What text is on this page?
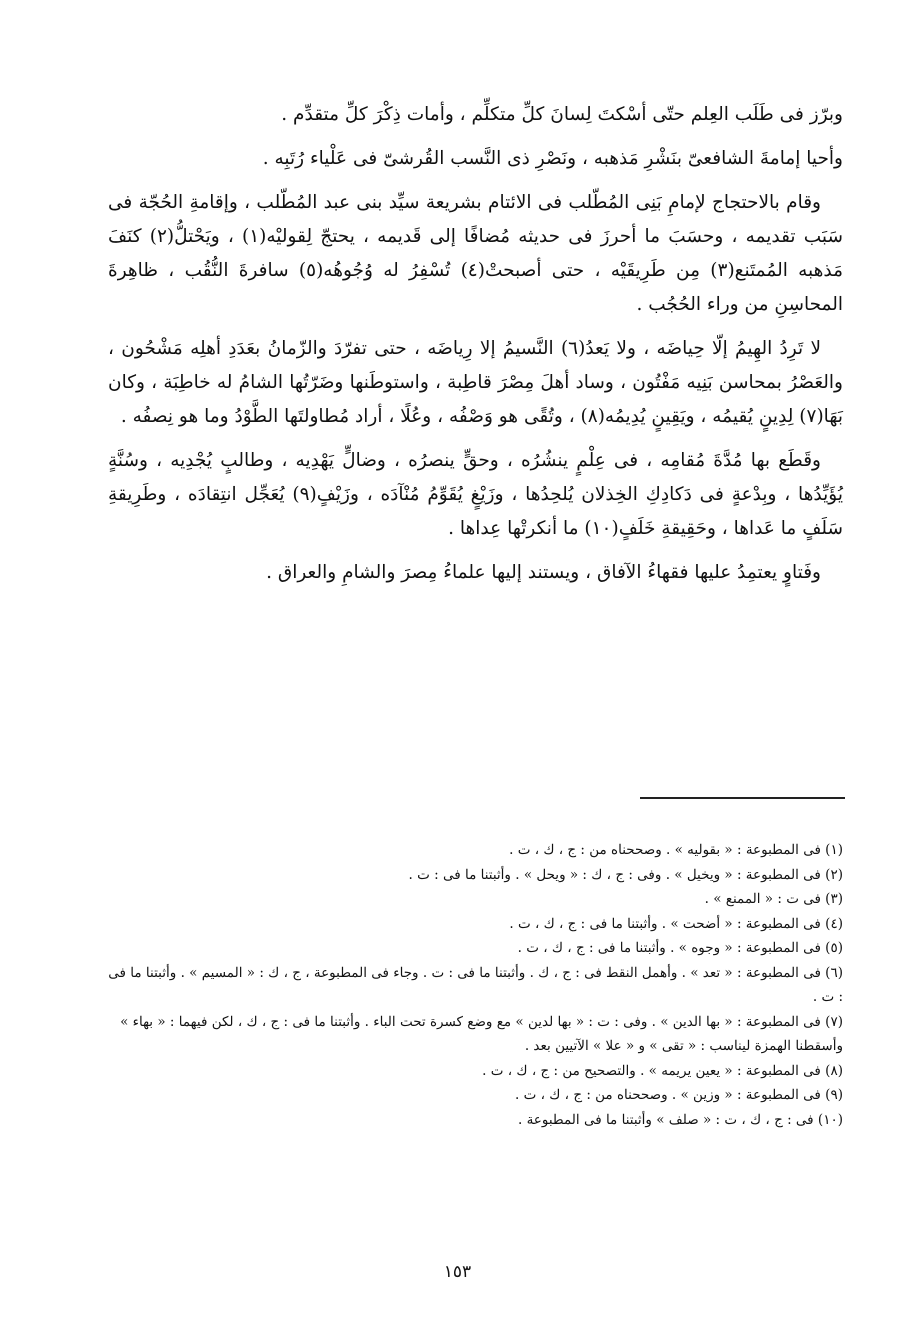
وبرّز فى طَلَب العِلم حتّى أسْكتَ لِسانَ كلِّ متكلِّم ، وأمات ذِكْرَ كلِّ متقدِّم .

وأحيا إمامةَ الشافعىّ بنَشْرِ مَذهبه ، ونَصْرِ ذى النَّسب القُرشىّ فى عَلْياء رُتَبِه .

وقام بالاحتجاج لإمامِ بَنِى المُطّلب فى الائتام بشريعة سيِّد بنى عبد المُطّلب ، وإقامةِ الحُجّة فى سَبَب تقديمه ، وحسَبَ ما أحرزَ فى حديثه مُضافًا إلى قَديمه ، يحتجّ لِقوليْه(١) ، ويَحْتلُّ(٢) كنَفَ مَذهبه المُمتَنع(٣) مِن طَرِيقَيْه ، حتى أصبحتْ(٤) تُسْفِرُ له وُجُوهُه(٥) سافرةَ النُّقُب ، ظاهِرةَ المحاسِنِ من وراء الحُجُب .

لا تَرِدُ الهِيمُ إلّا حِياضَه ، ولا يَعدُ(٦) النَّسيمُ إلا رِياضَه ، حتى تفرّدَ والزّمانُ بعَدَدِ أهلِه مَشْحُون ، والعَصْرُ بمحاسن بَنِيه مَفْتُون ، وساد أهلَ مِصْرَ قاطِبة ، واستوطَنها وضَرّتُها الشامُ له خاطِبَة ، وكان بَهَا(٧) لِدِينٍ يُقيمُه ، ويَقِينٍ يُدِيمُه(٨) ، وتُقًى هو وَصْفُه ، وعُلًا ، أراد مُطاولتَها الطَّوْدُ وما هو نِصفُه .

وقَطَع بها مُدَّةَ مُقامِه ، فى عِلْمٍ ينشُرُه ، وحقٍّ ينصرُه ، وضالٍّ يَهْدِيه ، وطالبٍ يُجْدِيه ، وسُنَّةٍ يُؤَيِّدُها ، وبِدْعةٍ فى دَكادِكِ الخِذلان يُلحِدُها ، وزَيْغٍ يُقَوِّمُ مُنْآدَه ، وزَيْفٍ(٩) يُعَجِّل انتِقادَه ، وطَرِيقةِ سَلَفٍ ما عَداها ، وحَقِيقةِ خَلَفٍ(١٠) ما أنكرتْها عِداها .

وفَتاوٍ يعتمِدُ عليها فقهاءُ الآفاق ، ويستند إليها علماءُ مِصرَ والشامِ والعراق .

(١) فى المطبوعة : « بقوليه » . وصححناه من : ج ، ك ، ت .

(٢) فى المطبوعة : « ويخيل » . وفى : ج ، ك : « ويحل » . وأثبتنا ما فى : ت .

(٣) فى ت : « الممنع » .

(٤) فى المطبوعة : « أضحت » . وأثبتنا ما فى : ج ، ك ، ت .

(٥) فى المطبوعة : « وجوه » . وأثبتنا ما فى : ج ، ك ، ت .

(٦) فى المطبوعة : « تعد » . وأهمل النقط فى : ج ، ك . وأثبتنا ما فى : ت . وجاء فى المطبوعة ، ج ، ك : « المسيم » . وأثبتنا ما فى : ت .

(٧) فى المطبوعة : « بها الدين » . وفى : ت : « بها لدين » مع وضع كسرة تحت الباء . وأثبتنا ما فى : ج ، ك ، لكن فيهما : « بهاء » وأسقطنا الهمزة ليناسب : « تقى » و « علا » الآتيين بعد .

(٨) فى المطبوعة : « يعين يريمه » . والتصحيح من : ج ، ك ، ت .

(٩) فى المطبوعة : « وزين » . وصححناه من : ج ، ك ، ت .

(١٠) فى : ج ، ك ، ت : « صلف » وأثبتنا ما فى المطبوعة .

١٥٣
